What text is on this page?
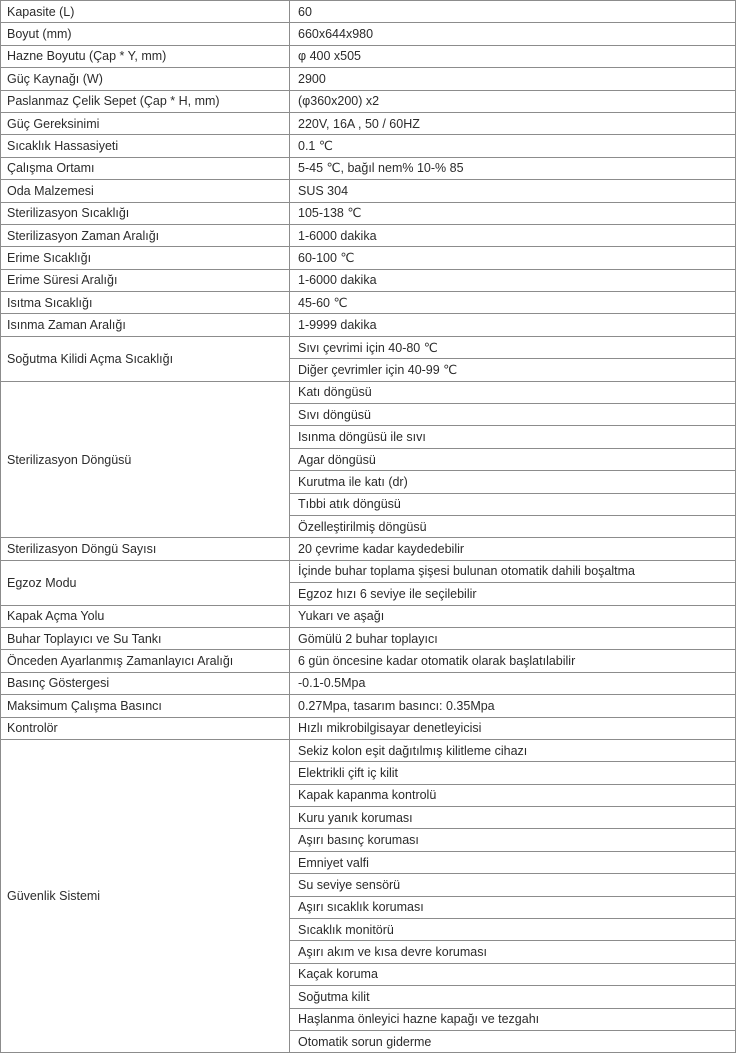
Kapasite (L)	60
Boyut (mm)	660x644x980
Hazne Boyutu (Çap * Y, mm)	φ 400 x505
Güç Kaynağı (W)	2900
Paslanmaz Çelik Sepet (Çap * H, mm)	(φ360x200) x2
Güç Gereksinimi	220V, 16A , 50 / 60HZ
Sıcaklık Hassasiyeti	0.1 ℃
Çalışma Ortamı	5-45 ℃, bağıl nem% 10-% 85
Oda Malzemesi	SUS 304
Sterilizasyon Sıcaklığı	105-138 ℃
Sterilizasyon Zaman Aralığı	1-6000 dakika
Erime Sıcaklığı	60-100 ℃
Erime Süresi Aralığı	1-6000 dakika
Isıtma Sıcaklığı	45-60 ℃
Isınma Zaman Aralığı	1-9999 dakika
Soğutma Kilidi Açma Sıcaklığı	Sıvı çevrimi için 40-80 ℃
	Diğer çevrimler için 40-99 ℃
Sterilizasyon Döngüsü	Katı döngüsü
	Sıvı döngüsü
	Isınma döngüsü ile sıvı
	Agar döngüsü
	Kurutma ile katı (dr)
	Tıbbi atık döngüsü
	Özelleştirilmiş döngüsü
Sterilizasyon Döngü Sayısı	20 çevrime kadar kaydedebilir
Egzoz Modu	İçinde buhar toplama şişesi bulunan otomatik dahili boşaltma
	Egzoz hızı 6 seviye ile seçilebilir
Kapak Açma Yolu	Yukarı ve aşağı
Buhar Toplayıcı ve Su Tankı	Gömülü 2 buhar toplayıcı
Önceden Ayarlanmış Zamanlayıcı Aralığı	6 gün öncesine kadar otomatik olarak başlatılabilir
Basınç Göstergesi	-0.1-0.5Mpa
Maksimum Çalışma Basıncı	0.27Mpa, tasarım basıncı: 0.35Mpa
Kontrolör	Hızlı mikrobilgisayar denetleyicisi
Güvenlik Sistemi	Sekiz kolon eşit dağıtılmış kilitleme cihazı
	Elektrikli çift iç kilit
	Kapak kapanma kontrolü
	Kuru yanık koruması
	Aşırı basınç koruması
	Emniyet valfi
	Su seviye sensörü
	Aşırı sıcaklık koruması
	Sıcaklık monitörü
	Aşırı akım ve kısa devre koruması
	Kaçak koruma
	Soğutma kilit
	Haşlanma önleyici hazne kapağı ve tezgahı
	Otomatik sorun giderme
